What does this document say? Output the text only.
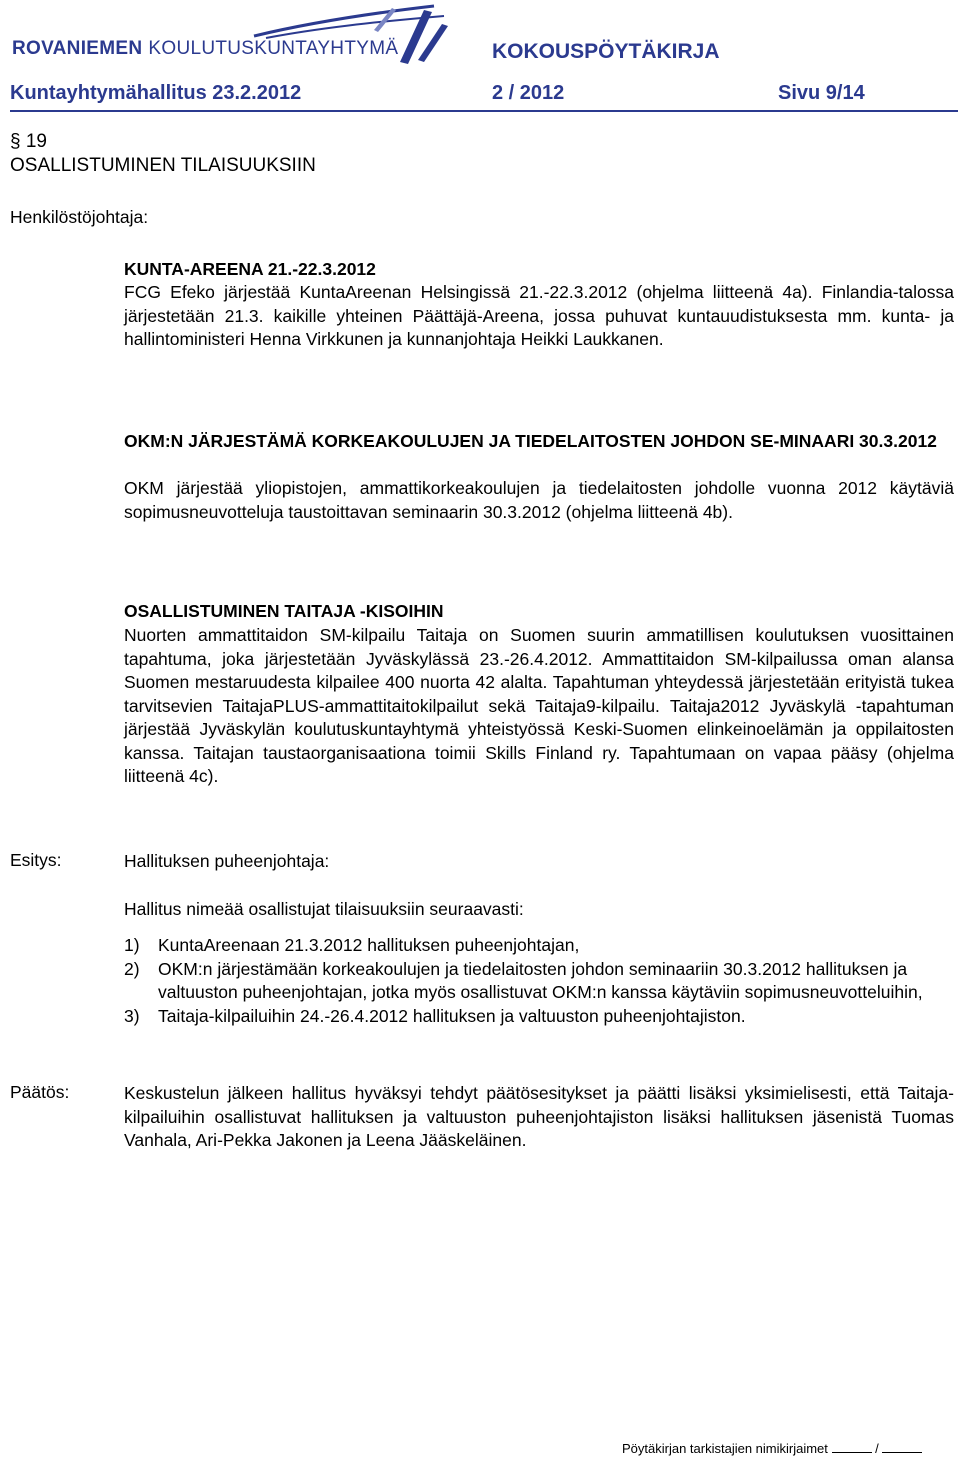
ROVANIEMEN KOULUTUSKUNTAYHTYMÄ	KOKOUSPÖYTÄKIRJA
Kuntayhtymähallitus 23.2.2012	2 / 2012	Sivu 9/14
§ 19
OSALLISTUMINEN TILAISUUKSIIN
Henkilöstöjohtaja:
KUNTA-AREENA 21.-22.3.2012
FCG Efeko järjestää KuntaAreenan Helsingissä 21.-22.3.2012 (ohjelma liitteenä 4a). Finlandia-talossa järjestetään 21.3. kaikille yhteinen Päättäjä-Areena, jossa puhuvat kuntauudistuksesta mm. kunta- ja hallintoministeri Henna Virkkunen ja kunnanjohtaja Heikki Laukkanen.
OKM:N JÄRJESTÄMÄ KORKEAKOULUJEN JA TIEDELAITOSTEN JOHDON SE-MINAARI 30.3.2012
OKM järjestää yliopistojen, ammattikorkeakoulujen ja tiedelaitosten johdolle vuonna 2012 käytäviä sopimusneuvotteluja taustoittavan seminaarin 30.3.2012 (ohjelma liitteenä 4b).
OSALLISTUMINEN TAITAJA -KISOIHIN
Nuorten ammattitaidon SM-kilpailu Taitaja on Suomen suurin ammatillisen koulutuksen vuosittainen tapahtuma, joka järjestetään Jyväskylässä 23.-26.4.2012. Ammattitaidon SM-kilpailussa oman alansa Suomen mestaruudesta kilpailee 400 nuorta 42 alalta. Tapahtuman yhteydessä järjestetään erityistä tukea tarvitsevien TaitajaPLUS-ammattitaitokilpailut sekä Taitaja9-kilpailu. Taitaja2012 Jyväskylä -tapahtuman järjestää Jyväskylän koulutuskuntayhtymä yhteistyössä Keski-Suomen elinkeinoelämän ja oppilaitosten kanssa. Taitajan taustaorganisaationa toimii Skills Finland ry. Tapahtumaan on vapaa pääsy (ohjelma liitteenä 4c).
Esitys:	Hallituksen puheenjohtaja:
Hallitus nimeää osallistujat tilaisuuksiin seuraavasti:
1) KuntaAreenaan 21.3.2012 hallituksen puheenjohtajan,
2) OKM:n järjestämään korkeakoulujen ja tiedelaitosten johdon seminaariin 30.3.2012 hallituksen ja valtuuston puheenjohtajan, jotka myös osallistuvat OKM:n kanssa käytäviin sopimusneuvotteluihin,
3) Taitaja-kilpailuihin 24.-26.4.2012 hallituksen ja valtuuston puheenjohtajiston.
Päätös:	Keskustelun jälkeen hallitus hyväksyi tehdyt päätösesitykset ja päätti lisäksi yksimielisesti, että Taitaja-kilpailuihin osallistuvat hallituksen ja valtuuston puheenjohtajiston lisäksi hallituksen jäsenistä Tuomas Vanhala, Ari-Pekka Jakonen ja Leena Jääskeläinen.
Pöytäkirjan tarkistajien nimikirjaimet	/
